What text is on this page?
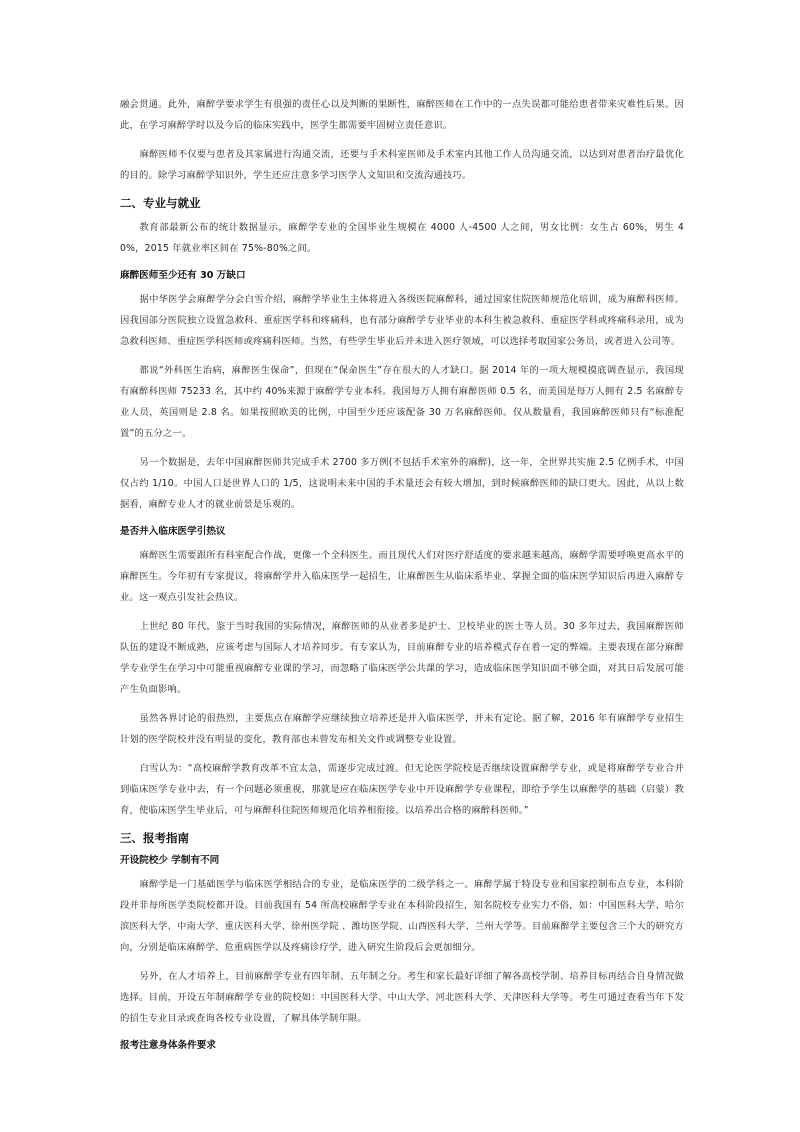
融会贯通。此外，麻醉学要求学生有很强的责任心以及判断的果断性，麻醉医师在工作中的一点失误都可能给患者带来灾难性后果。因此，在学习麻醉学时以及今后的临床实践中，医学生都需要牢固树立责任意识。

麻醉医师不仅要与患者及其家属进行沟通交流，还要与手术科室医师及手术室内其他工作人员沟通交流，以达到对患者治疗最优化的目的。除学习麻醉学知识外，学生还应注意多学习医学人文知识和交流沟通技巧。

二、专业与就业

教育部最新公布的统计数据显示，麻醉学专业的全国毕业生规模在 4000 人-4500 人之间，男女比例：女生占 60%，男生 40%，2015 年就业率区间在 75%-80%之间。

麻醉医师至少还有 30 万缺口

据中华医学会麻醉学分会白雪介绍，麻醉学毕业生主体将进入各级医院麻醉科，通过国家住院医师规范化培训，成为麻醉科医师。因我国部分医院独立设置急救科、重症医学科和疼痛科，也有部分麻醉学专业毕业的本科生被急救科、重症医学科或疼痛科录用，成为急救科医师、重症医学科医师或疼痛科医师。当然，有些学生毕业后并未进入医疗领域，可以选择考取国家公务员，或者进入公司等。

都说“外科医生治病，麻醉医生保命”，但现在“保命医生”存在很大的人才缺口。据 2014 年的一项大规模摸底调查显示，我国现有麻醉科医师 75233 名，其中约 40%来源于麻醉学专业本科。我国每万人拥有麻醉医师 0.5 名，而美国是每万人拥有 2.5 名麻醉专业人员，英国则是 2.8 名。如果按照欧美的比例，中国至少还应该配备 30 万名麻醉医师。仅从数量看，我国麻醉医师只有“标准配置”的五分之一。

另一个数据是，去年中国麻醉医师共完成手术 2700 多万例(不包括手术室外的麻醉)，这一年，全世界共实施 2.5 亿例手术，中国仅占约 1/10。中国人口是世界人口的 1/5，这说明未来中国的手术量还会有较大增加，到时候麻醉医师的缺口更大。因此，从以上数据看，麻醉专业人才的就业前景是乐观的。

是否并入临床医学引热议

麻醉医生需要跟所有科室配合作战，更像一个全科医生。而且现代人们对医疗舒适度的要求越来越高，麻醉学需要呼唤更高水平的麻醉医生。今年初有专家提议，将麻醉学并入临床医学一起招生，让麻醉医生从临床系毕业、掌握全面的临床医学知识后再进入麻醉专业。这一观点引发社会热议。

上世纪 80 年代，鉴于当时我国的实际情况，麻醉医师的从业者多是护士、卫校毕业的医士等人员。30 多年过去，我国麻醉医师队伍的建设不断成熟，应该考虑与国际人才培养同步。有专家认为，目前麻醉专业的培养模式存在着一定的弊端。主要表现在部分麻醉学专业学生在学习中可能重视麻醉专业课的学习，而忽略了临床医学公共课的学习，造成临床医学知识面不够全面，对其日后发展可能产生负面影响。

虽然各界讨论的很热烈，主要焦点在麻醉学应继续独立培养还是并入临床医学，并未有定论。据了解，2016 年有麻醉学专业招生计划的医学院校并没有明显的变化，教育部也未曾发布相关文件或调整专业设置。

白雪认为：“高校麻醉学教育改革不宜太急，需逐步完成过渡。但无论医学院校是否继续设置麻醉学专业，或是将麻醉学专业合并到临床医学专业中去，有一个问题必须重视，那就是应在临床医学专业中开设麻醉学专业课程，即给予学生以麻醉学的基础（启蒙）教育，使临床医学生毕业后，可与麻醉科住院医师规范化培养相衔接，以培养出合格的麻醉科医师。”

三、报考指南
开设院校少 学制有不同

麻醉学是一门基础医学与临床医学相结合的专业，是临床医学的二级学科之一。麻醉学属于特设专业和国家控制布点专业，本科阶段并非每所医学类院校都开设。目前我国有 54 所高校麻醉学专业在本科阶段招生，知名院校专业实力不俗，如：中国医科大学、哈尔滨医科大学、中南大学、重庆医科大学、徐州医学院 、潍坊医学院、山西医科大学、兰州大学等。目前麻醉学主要包含三个大的研究方向，分别是临床麻醉学、危重病医学以及疼痛诊疗学，进入研究生阶段后会更加细分。

另外，在人才培养上，目前麻醉学专业有四年制、五年制之分。考生和家长最好详细了解各高校学制、培养目标再结合自身情况做选择。目前，开设五年制麻醉学专业的院校如：中国医科大学、中山大学、河北医科大学、天津医科大学等。考生可通过查看当年下发的招生专业目录或查询各校专业设置，了解具体学制年限。

报考注意身体条件要求
